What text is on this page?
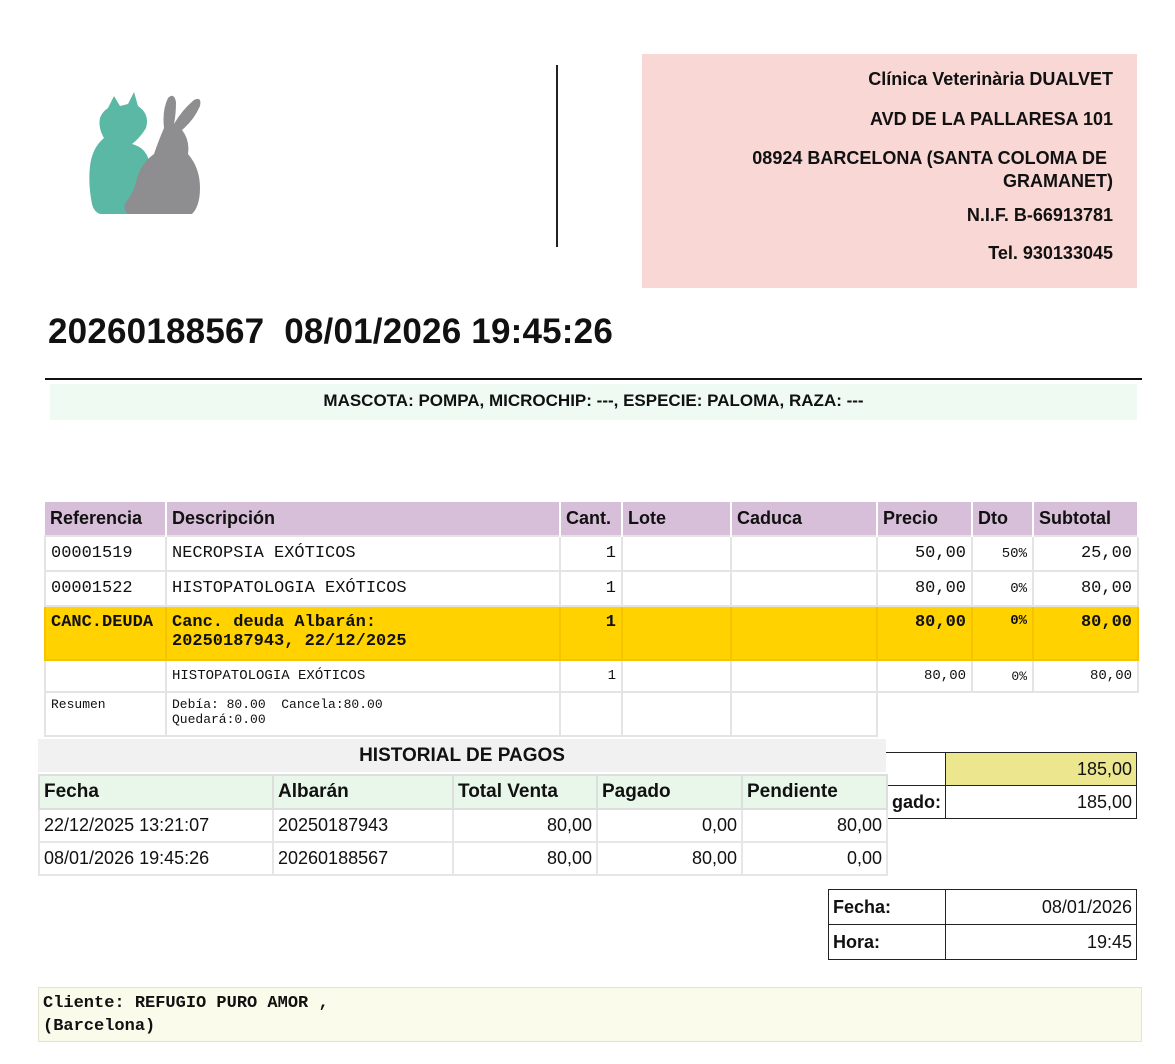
Clínica Veterinària DUALVET
AVD DE LA PALLARESA 101
08924 BARCELONA (SANTA COLOMA DE
GRAMANET)
N.I.F. B-66913781
Tel. 930133045
20260188567 08/01/2026 19:45:26
MASCOTA: POMPA, MICROCHIP: ---, ESPECIE: PALOMA, RAZA: ---
Referencia	Descripción	Cant.	Lote	Caduca	Precio	Dto	Subtotal
00001519	NECROPSIA EXÓTICOS	1			50,00	50%	25,00
00001522	HISTOPATOLOGIA EXÓTICOS	1			80,00	0%	80,00
CANC.DEUDA	Canc. deuda Albarán:
20250187943, 22/12/2025	1			80,00	0%	80,00
	HISTOPATOLOGIA EXÓTICOS	1			80,00	0%	80,00
Resumen	Debía: 80.00  Cancela:80.00
Quedará:0.00						

	185,00
gado:	185,00
HISTORIAL DE PAGOS
Fecha	Albarán	Total Venta	Pagado	Pendiente
22/12/2025 13:21:07	20250187943	80,00	0,00	80,00
08/01/2026 19:45:26	20260188567	80,00	80,00	0,00
Fecha:	08/01/2026
Hora:	19:45
Cliente: REFUGIO PURO AMOR ,
(Barcelona)
